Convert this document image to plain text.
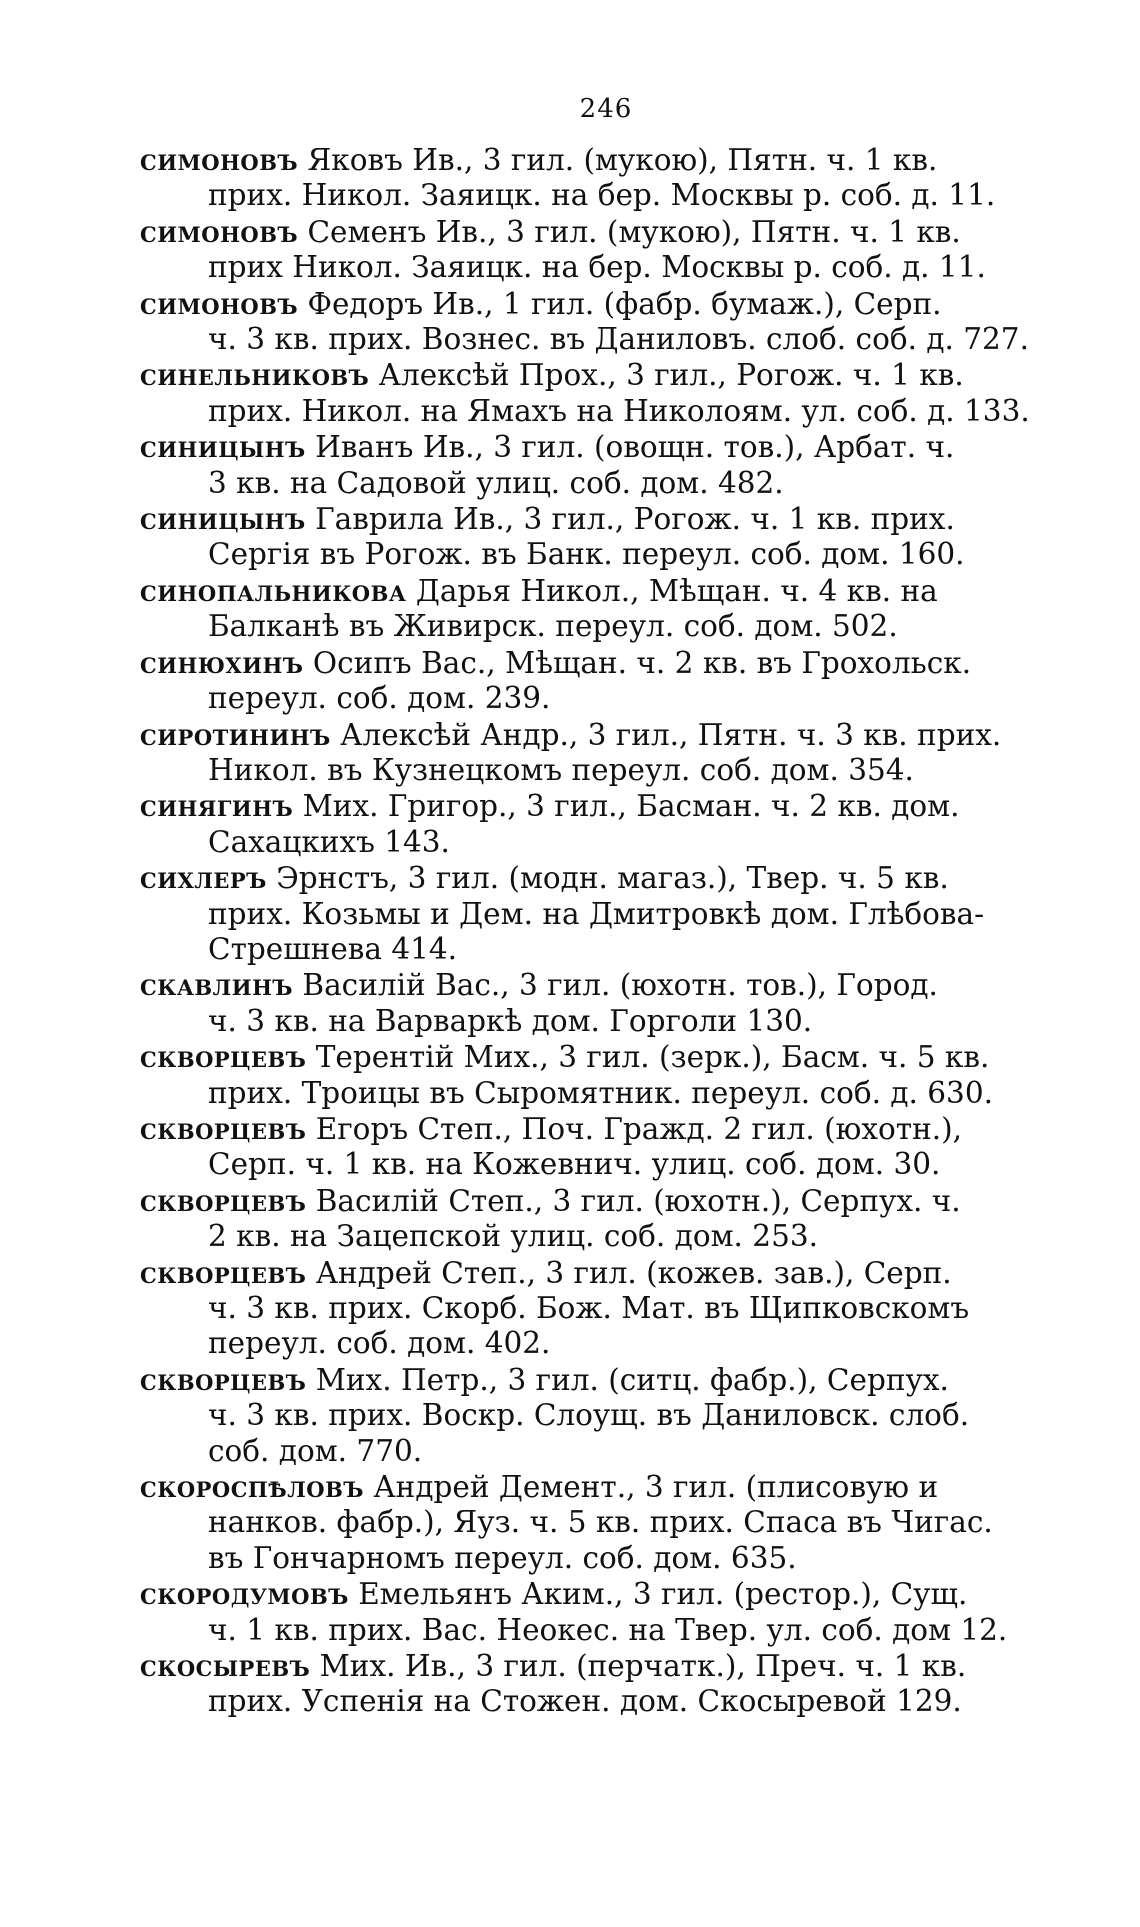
246
симоновъ Яковъ Ив., 3 гил. (мукою), Пятн. ч. 1 кв.
прих. Никол. Заяицк. на бер. Москвы р. соб. д. 11.
симоновъ Семенъ Ив., 3 гил. (мукою), Пятн. ч. 1 кв.
прих Никол. Заяицк. на бер. Москвы р. соб. д. 11.
симоновъ Федоръ Ив., 1 гил. (фабр. бумаж.), Серп.
ч. 3 кв. прих. Вознес. въ Даниловъ. слоб. соб. д. 727.
синельниковъ Алексѣй Прох., 3 гил., Рогож. ч. 1 кв.
прих. Никол. на Ямахъ на Николоям. ул. соб. д. 133.
синицынъ Иванъ Ив., 3 гил. (овощн. тов.), Арбат. ч.
3 кв. на Садовой улиц. соб. дом. 482.
синицынъ Гаврила Ив., 3 гил., Рогож. ч. 1 кв. прих.
Сергія въ Рогож. въ Банк. переул. соб. дом. 160.
синопальникова Дарья Никол., Мѣщан. ч. 4 кв. на
Балканѣ въ Живирск. переул. соб. дом. 502.
синюхинъ Осипъ Вас., Мѣщан. ч. 2 кв. въ Грохольск.
переул. соб. дом. 239.
сиротининъ Алексѣй Андр., 3 гил., Пятн. ч. 3 кв. прих.
Никол. въ Кузнецкомъ переул. соб. дом. 354.
синягинъ Мих. Григор., 3 гил., Басман. ч. 2 кв. дом.
Сахацкихъ 143.
сихлеръ Эрнстъ, 3 гил. (модн. магаз.), Твер. ч. 5 кв.
прих. Козьмы и Дем. на Дмитровкѣ дом. Глѣбова-
Стрешнева 414.
скавлинъ Василій Вас., 3 гил. (юхотн. тов.), Город.
ч. 3 кв. на Варваркѣ дом. Горголи 130.
скворцевъ Терентій Мих., 3 гил. (зерк.), Басм. ч. 5 кв.
прих. Троицы въ Сыромятник. переул. соб. д. 630.
скворцевъ Егоръ Степ., Поч. Гражд. 2 гил. (юхотн.),
Серп. ч. 1 кв. на Кожевнич. улиц. соб. дом. 30.
скворцевъ Василій Степ., 3 гил. (юхотн.), Серпух. ч.
2 кв. на Зацепской улиц. соб. дом. 253.
скворцевъ Андрей Степ., 3 гил. (кожев. зав.), Серп.
ч. 3 кв. прих. Скорб. Бож. Мат. въ Щипковскомъ
переул. соб. дом. 402.
скворцевъ Мих. Петр., 3 гил. (ситц. фабр.), Серпух.
ч. 3 кв. прих. Воскр. Слоущ. въ Даниловск. слоб.
соб. дом. 770.
скороспѣловъ Андрей Демент., 3 гил. (плисовую и
нанков. фабр.), Яуз. ч. 5 кв. прих. Спаса въ Чигас.
въ Гончарномъ переул. соб. дом. 635.
скородумовъ Емельянъ Аким., 3 гил. (рестор.), Сущ.
ч. 1 кв. прих. Вас. Неокес. на Твер. ул. соб. дом 12.
скосыревъ Мих. Ив., 3 гил. (перчатк.), Преч. ч. 1 кв.
прих. Успенія на Стожен. дом. Скосыревой 129.
